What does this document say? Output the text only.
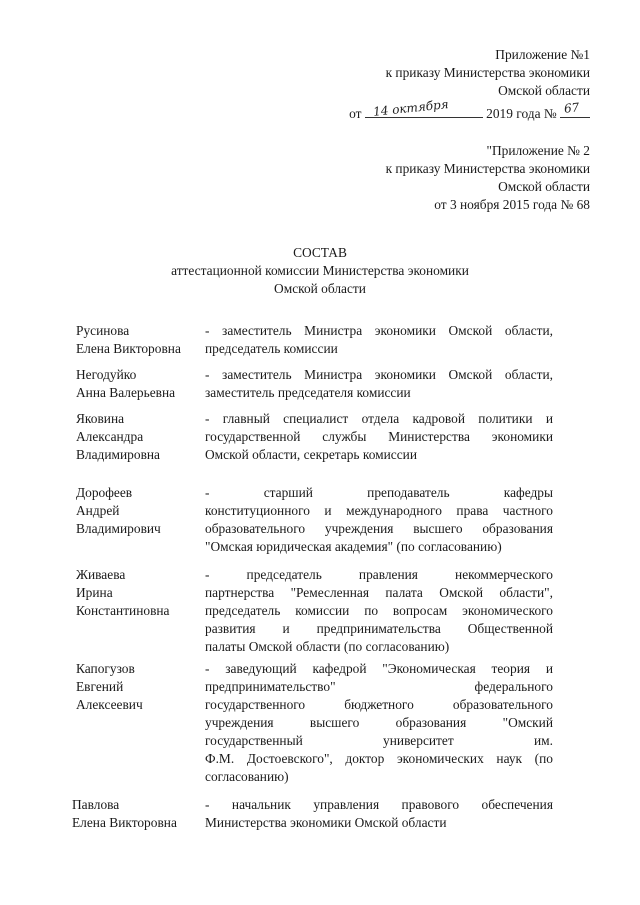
Приложение №1
к приказу Министерства экономики
Омской области
от 14 октября	2019 года № 67
"Приложение № 2
к приказу Министерства экономики
Омской области
от 3 ноября 2015 года № 68
СОСТАВ
аттестационной комиссии Министерства экономики
Омской области
Русинова
Елена Викторовна
- заместитель Министра экономики Омской области,
председатель комиссии
Негодуйко
Анна Валерьевна
- заместитель Министра экономики Омской области,
заместитель председателя комиссии
Яковина
Александра
Владимировна
- главный специалист отдела кадровой политики и
государственной службы Министерства экономики
Омской области, секретарь комиссии
Дорофеев
Андрей
Владимирович
- старший преподаватель кафедры
конституционного и международного права частного
образовательного учреждения высшего образования
"Омская юридическая академия" (по согласованию)
Живаева
Ирина
Константиновна
- председатель правления некоммерческого
партнерства "Ремесленная палата Омской области",
председатель комиссии по вопросам экономического
развития и предпринимательства Общественной
палаты Омской области (по согласованию)
Капогузов
Евгений
Алексеевич
- заведующий кафедрой "Экономическая теория и
предпринимательство" федерального
государственного бюджетного образовательного
учреждения высшего образования "Омский
государственный университет им.
Ф.М. Достоевского", доктор экономических наук (по
согласованию)
Павлова
Елена Викторовна
- начальник управления правового обеспечения
Министерства экономики Омской области
